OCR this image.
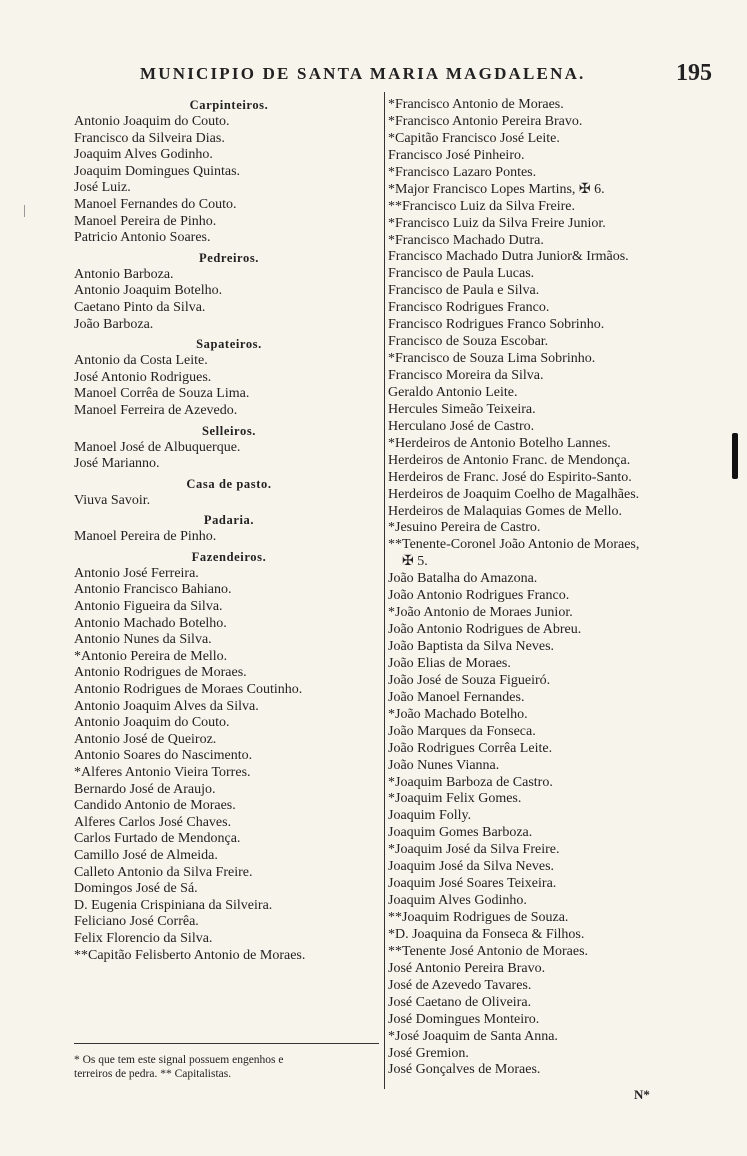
MUNICIPIO DE SANTA MARIA MAGDALENA.	195
Carpinteiros.
Antonio Joaquim do Couto.
Francisco da Silveira Dias.
Joaquim Alves Godinho.
Joaquim Domingues Quintas.
José Luiz.
Manoel Fernandes do Couto.
Manoel Pereira de Pinho.
Patricio Antonio Soares.
Pedreiros.
Antonio Barboza.
Antonio Joaquim Botelho.
Caetano Pinto da Silva.
João Barboza.
Sapateiros.
Antonio da Costa Leite.
José Antonio Rodrigues.
Manoel Corrêa de Souza Lima.
Manoel Ferreira de Azevedo.
Selleiros.
Manoel José de Albuquerque.
José Marianno.
Casa de pasto.
Viuva Savoir.
Padaria.
Manoel Pereira de Pinho.
Fazendeiros.
Antonio José Ferreira.
Antonio Francisco Bahiano.
Antonio Figueira da Silva.
Antonio Machado Botelho.
Antonio Nunes da Silva.
*Antonio Pereira de Mello.
Antonio Rodrigues de Moraes.
Antonio Rodrigues de Moraes Coutinho.
Antonio Joaquim Alves da Silva.
Antonio Joaquim do Couto.
Antonio José de Queiroz.
Antonio Soares do Nascimento.
*Alferes Antonio Vieira Torres.
Bernardo José de Araujo.
Candido Antonio de Moraes.
Alferes Carlos José Chaves.
Carlos Furtado de Mendonça.
Camillo José de Almeida.
Calleto Antonio da Silva Freire.
Domingos José de Sá.
D. Eugenia Crispiniana da Silveira.
Feliciano José Corrêa.
Felix Florencio da Silva.
**Capitão Felisberto Antonio de Moraes.
*Francisco Antonio de Moraes.
*Francisco Antonio Pereira Bravo.
*Capitão Francisco José Leite.
Francisco José Pinheiro.
*Francisco Lazaro Pontes.
*Major Francisco Lopes Martins, ✠ 6.
**Francisco Luiz da Silva Freire.
*Francisco Luiz da Silva Freire Junior.
*Francisco Machado Dutra.
Francisco Machado Dutra Junior& Irmãos.
Francisco de Paula Lucas.
Francisco de Paula e Silva.
Francisco Rodrigues Franco.
Francisco Rodrigues Franco Sobrinho.
Francisco de Souza Escobar.
*Francisco de Souza Lima Sobrinho.
Francisco Moreira da Silva.
Geraldo Antonio Leite.
Hercules Simeão Teixeira.
Herculano José de Castro.
*Herdeiros de Antonio Botelho Lannes.
Herdeiros de Antonio Franc. de Mendonça.
Herdeiros de Franc. José do Espirito-Santo.
Herdeiros de Joaquim Coelho de Magalhães.
Herdeiros de Malaquias Gomes de Mello.
*Jesuino Pereira de Castro.
**Tenente-Coronel João Antonio de Moraes,
✠ 5.
João Batalha do Amazona.
João Antonio Rodrigues Franco.
*João Antonio de Moraes Junior.
João Antonio Rodrigues de Abreu.
João Baptista da Silva Neves.
João Elias de Moraes.
João José de Souza Figueiró.
João Manoel Fernandes.
*João Machado Botelho.
João Marques da Fonseca.
João Rodrigues Corrêa Leite.
João Nunes Vianna.
*Joaquim Barboza de Castro.
*Joaquim Felix Gomes.
Joaquim Folly.
Joaquim Gomes Barboza.
*Joaquim José da Silva Freire.
Joaquim José da Silva Neves.
Joaquim José Soares Teixeira.
Joaquim Alves Godinho.
**Joaquim Rodrigues de Souza.
*D. Joaquina da Fonseca & Filhos.
**Tenente José Antonio de Moraes.
José Antonio Pereira Bravo.
José de Azevedo Tavares.
José Caetano de Oliveira.
José Domingues Monteiro.
*José Joaquim de Santa Anna.
José Gremion.
José Gonçalves de Moraes.
* Os que tem este signal possuem engenhos e
terreiros de pedra. ** Capitalistas.
N*
